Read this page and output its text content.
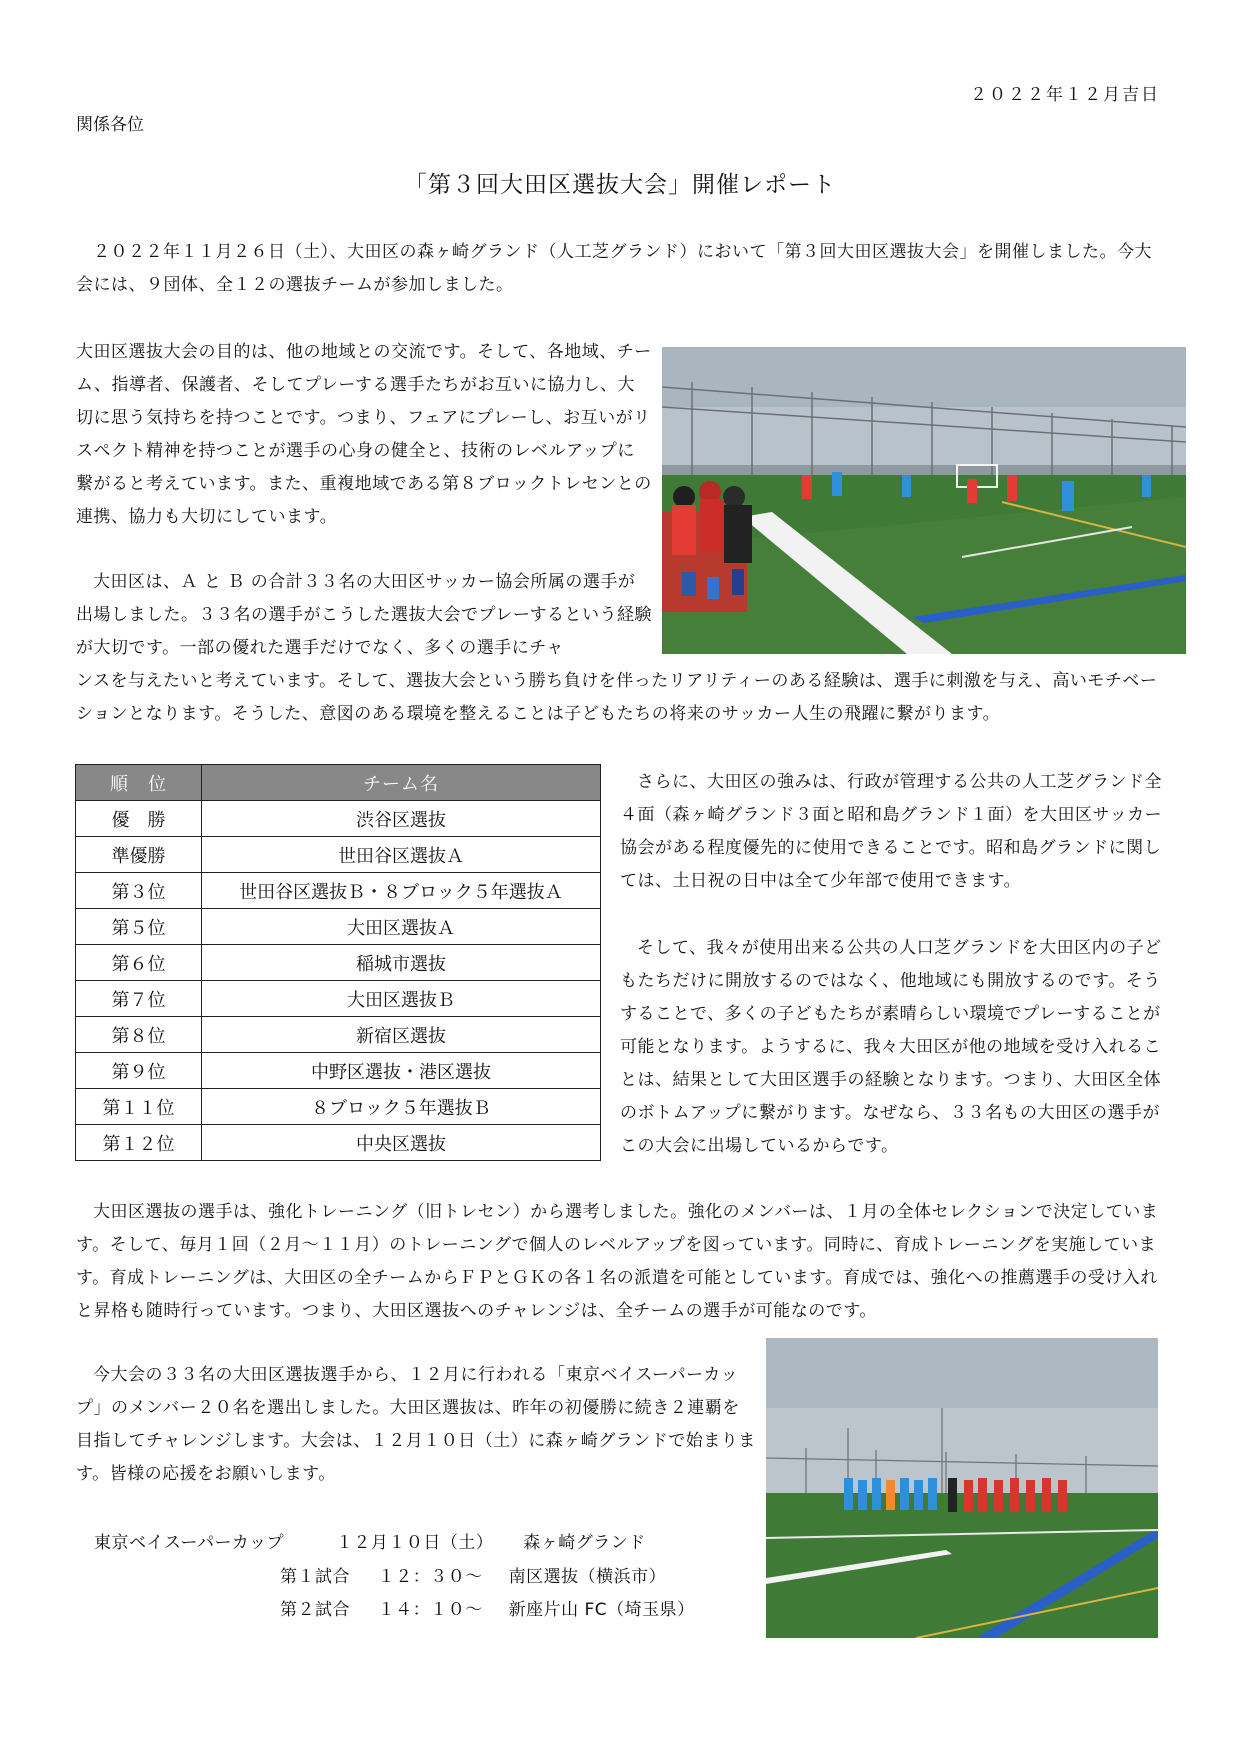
２０２２年１２月吉日
関係各位
「第３回大田区選抜大会」開催レポート
２０２２年１１月２６日（土）、大田区の森ヶ崎グランド（人工芝グランド）において「第３回大田区選抜大会」を開催しました。今大会には、９団体、全１２の選抜チームが参加しました。
大田区選抜大会の目的は、他の地域との交流です。そして、各地域、チーム、指導者、保護者、そしてプレーする選手たちがお互いに協力し、大切に思う気持ちを持つことです。つまり、フェアにプレーし、お互いがリスペクト精神を持つことが選手の心身の健全と、技術のレベルアップに繋がると考えています。また、重複地域である第８ブロックトレセンとの連携、協力も大切にしています。
大田区は、Ａ と Ｂ の合計３３名の大田区サッカー協会所属の選手が出場しました。３３名の選手がこうした選抜大会でプレーするという経験が大切です。一部の優れた選手だけでなく、多くの選手にチャ
ンスを与えたいと考えています。そして、選抜大会という勝ち負けを伴ったリアリティーのある経験は、選手に刺激を与え、高いモチベーションとなります。そうした、意図のある環境を整えることは子どもたちの将来のサッカー人生の飛躍に繋がります。
順　位	チーム名
優　勝	渋谷区選抜
準優勝	世田谷区選抜Ａ
第３位	世田谷区選抜Ｂ・８ブロック５年選抜Ａ
第５位	大田区選抜Ａ
第６位	稲城市選抜
第７位	大田区選抜Ｂ
第８位	新宿区選抜
第９位	中野区選抜・港区選抜
第１１位	８ブロック５年選抜Ｂ
第１２位	中央区選抜
さらに、大田区の強みは、行政が管理する公共の人工芝グランド全４面（森ヶ崎グランド３面と昭和島グランド１面）を大田区サッカー協会がある程度優先的に使用できることです。昭和島グランドに関しては、土日祝の日中は全て少年部で使用できます。
そして、我々が使用出来る公共の人口芝グランドを大田区内の子どもたちだけに開放するのではなく、他地域にも開放するのです。そうすることで、多くの子どもたちが素晴らしい環境でプレーすることが可能となります。ようするに、我々大田区が他の地域を受け入れることは、結果として大田区選手の経験となります。つまり、大田区全体のボトムアップに繋がります。なぜなら、３３名もの大田区の選手がこの大会に出場しているからです。
大田区選抜の選手は、強化トレーニング（旧トレセン）から選考しました。強化のメンバーは、１月の全体セレクションで決定しています。そして、毎月１回（２月～１１月）のトレーニングで個人のレベルアップを図っています。同時に、育成トレーニングを実施しています。育成トレーニングは、大田区の全チームからＦＰとＧＫの各１名の派遣を可能としています。育成では、強化への推薦選手の受け入れと昇格も随時行っています。つまり、大田区選抜へのチャレンジは、全チームの選手が可能なのです。
今大会の３３名の大田区選抜選手から、１２月に行われる「東京ベイスーパーカップ」のメンバー２０名を選出しました。大田区選抜は、昨年の初優勝に続き２連覇を目指してチャレンジします。大会は、１２月１０日（土）に森ヶ崎グランドで始まります。皆様の応援をお願いします。
東京ベイスーパーカップ	１２月１０日（土） 森ヶ崎グランド
第１試合 １２：３０～ 南区選抜（横浜市）
第２試合 １４：１０～ 新座片山 FC（埼玉県）
